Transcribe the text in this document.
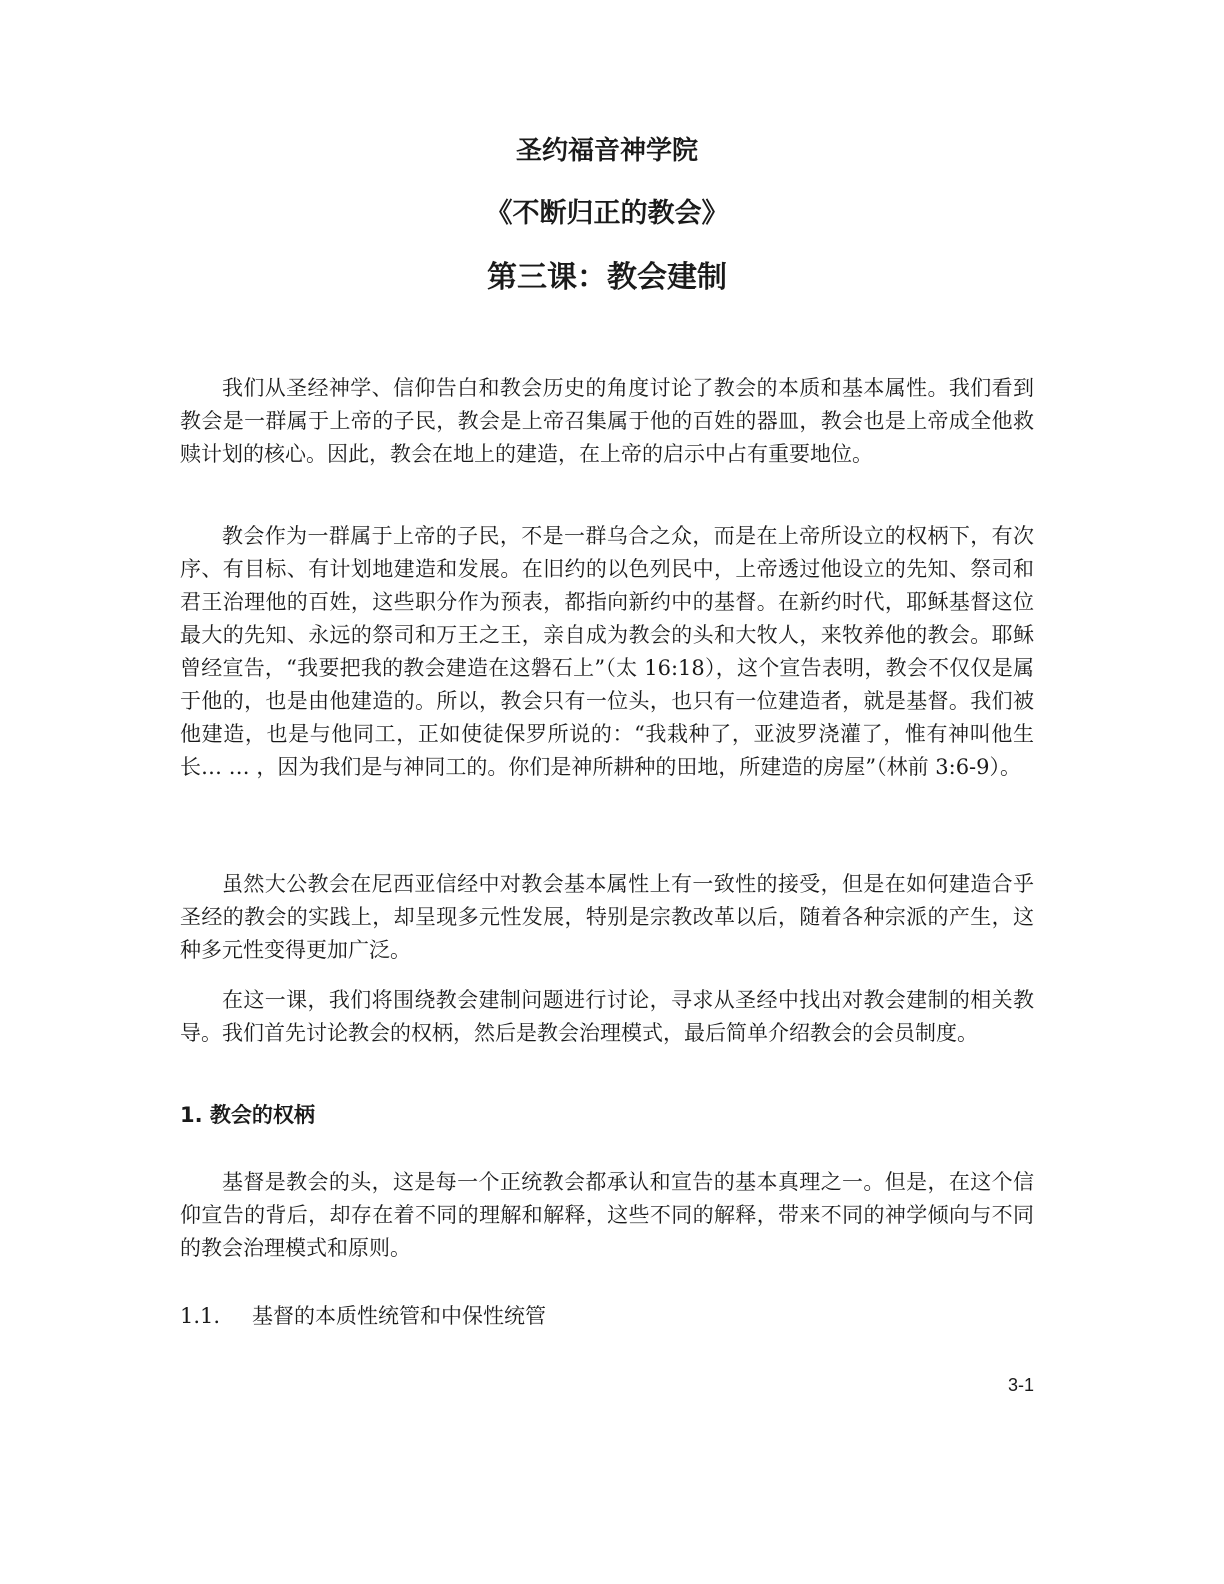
圣约福音神学院

《不断归正的教会》

第三课：教会建制

我们从圣经神学、信仰告白和教会历史的角度讨论了教会的本质和基本属性。我们看到教会是一群属于上帝的子民，教会是上帝召集属于他的百姓的器皿，教会也是上帝成全他救赎计划的核心。因此，教会在地上的建造，在上帝的启示中占有重要地位。

教会作为一群属于上帝的子民，不是一群乌合之众，而是在上帝所设立的权柄下，有次序、有目标、有计划地建造和发展。在旧约的以色列民中，上帝透过他设立的先知、祭司和君王治理他的百姓，这些职分作为预表，都指向新约中的基督。在新约时代，耶稣基督这位最大的先知、永远的祭司和万王之王，亲自成为教会的头和大牧人，来牧养他的教会。耶稣曾经宣告，“我要把我的教会建造在这磐石上”（太 16:18），这个宣告表明，教会不仅仅是属于他的，也是由他建造的。所以，教会只有一位头，也只有一位建造者，就是基督。我们被他建造，也是与他同工，正如使徒保罗所说的：“我栽种了，亚波罗浇灌了，惟有神叫他生长… … ，因为我们是与神同工的。你们是神所耕种的田地，所建造的房屋”（林前 3:6-9）。

虽然大公教会在尼西亚信经中对教会基本属性上有一致性的接受，但是在如何建造合乎圣经的教会的实践上，却呈现多元性发展，特别是宗教改革以后，随着各种宗派的产生，这种多元性变得更加广泛。

在这一课，我们将围绕教会建制问题进行讨论，寻求从圣经中找出对教会建制的相关教导。我们首先讨论教会的权柄，然后是教会治理模式，最后简单介绍教会的会员制度。

1. 教会的权柄

基督是教会的头，这是每一个正统教会都承认和宣告的基本真理之一。但是，在这个信仰宣告的背后，却存在着不同的理解和解释，这些不同的解释，带来不同的神学倾向与不同的教会治理模式和原则。

1.1. 基督的本质性统管和中保性统管

3-1
